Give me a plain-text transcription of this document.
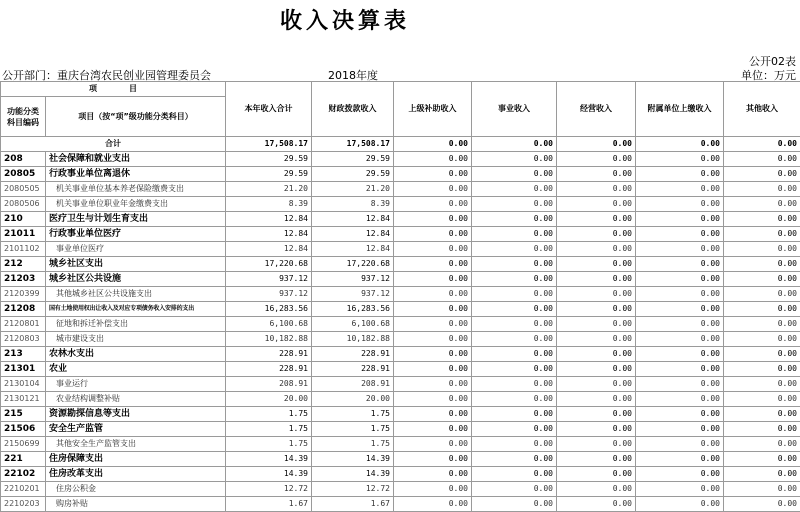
收入决算表
公开02表
公开部门：重庆台湾农民创业园管理委员会	2018年度	单位：万元
项　　　　目		本年收入合计	财政拨款收入	上级补助收入	事业收入	经营收入	附属单位上缴收入	其他收入
功能分类科目编码	项目（按“项”级功能分类科目）							
合计		17,508.17	17,508.17	0.00	0.00	0.00	0.00	0.00
208	社会保障和就业支出	29.59	29.59	0.00	0.00	0.00	0.00	0.00
20805	行政事业单位离退休	29.59	29.59	0.00	0.00	0.00	0.00	0.00
2080505	机关事业单位基本养老保险缴费支出	21.20	21.20	0.00	0.00	0.00	0.00	0.00
2080506	机关事业单位职业年金缴费支出	8.39	8.39	0.00	0.00	0.00	0.00	0.00
210	医疗卫生与计划生育支出	12.84	12.84	0.00	0.00	0.00	0.00	0.00
21011	行政事业单位医疗	12.84	12.84	0.00	0.00	0.00	0.00	0.00
2101102	事业单位医疗	12.84	12.84	0.00	0.00	0.00	0.00	0.00
212	城乡社区支出	17,220.68	17,220.68	0.00	0.00	0.00	0.00	0.00
21203	城乡社区公共设施	937.12	937.12	0.00	0.00	0.00	0.00	0.00
2120399	其他城乡社区公共设施支出	937.12	937.12	0.00	0.00	0.00	0.00	0.00
21208	国有土地使用权出让收入及对应专项债务收入安排的支出	16,283.56	16,283.56	0.00	0.00	0.00	0.00	0.00
2120801	征地和拆迁补偿支出	6,100.68	6,100.68	0.00	0.00	0.00	0.00	0.00
2120803	城市建设支出	10,182.88	10,182.88	0.00	0.00	0.00	0.00	0.00
213	农林水支出	228.91	228.91	0.00	0.00	0.00	0.00	0.00
21301	农业	228.91	228.91	0.00	0.00	0.00	0.00	0.00
2130104	事业运行	208.91	208.91	0.00	0.00	0.00	0.00	0.00
2130121	农业结构调整补贴	20.00	20.00	0.00	0.00	0.00	0.00	0.00
215	资源勘探信息等支出	1.75	1.75	0.00	0.00	0.00	0.00	0.00
21506	安全生产监管	1.75	1.75	0.00	0.00	0.00	0.00	0.00
2150699	其他安全生产监管支出	1.75	1.75	0.00	0.00	0.00	0.00	0.00
221	住房保障支出	14.39	14.39	0.00	0.00	0.00	0.00	0.00
22102	住房改革支出	14.39	14.39	0.00	0.00	0.00	0.00	0.00
2210201	住房公积金	12.72	12.72	0.00	0.00	0.00	0.00	0.00
2210203	购房补贴	1.67	1.67	0.00	0.00	0.00	0.00	0.00
